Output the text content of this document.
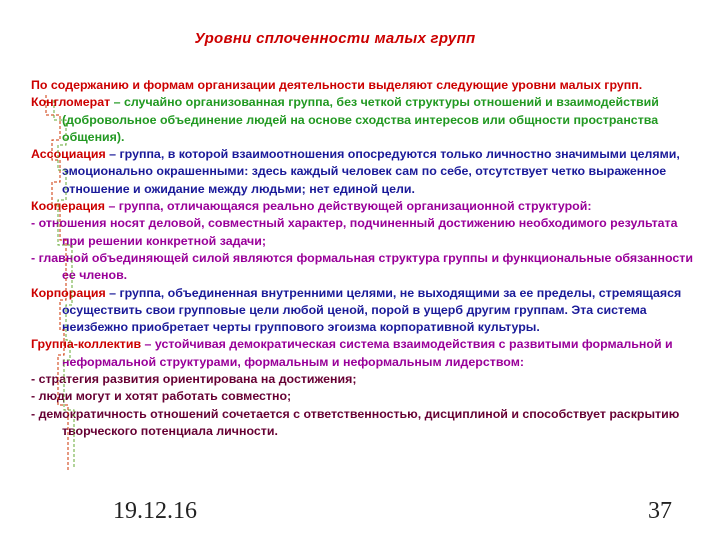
Уровни сплоченности малых групп

По содержанию и формам организации деятельности выделяют следующие уровни малых групп.

Конгломерат – случайно организованная группа, без четкой структуры отношений и взаимодействий (добровольное объединение людей на основе сходства интересов или общности пространства общения).

Ассоциация – группа, в которой взаимоотношения опосредуются только личностно значимыми целями, эмоционально окрашенными: здесь каждый человек сам по себе, отсутствует четко выраженное отношение и ожидание между людьми; нет единой цели.

Кооперация – группа, отличающаяся реально действующей организационной структурой:

- отношения носят деловой, совместный характер, подчиненный достижению необходимого результата при решении конкретной задачи;

- главной объединяющей силой являются формальная структура группы и функциональные обязанности ее членов.

Корпорация – группа, объединенная внутренними целями, не выходящими за ее пределы, стремящаяся осуществить свои групповые цели любой ценой, порой в ущерб другим группам. Эта система неизбежно приобретает черты группового эгоизма корпоративной культуры.

Группа-коллектив – устойчивая демократическая система взаимодействия с развитыми формальной и неформальной структурами, формальным и неформальным лидерством:

- стратегия развития ориентирована на достижения;

- люди могут и хотят работать совместно;

- демократичность отношений сочетается с ответственностью, дисциплиной и способствует раскрытию творческого потенциала личности.

19.12.16	37
